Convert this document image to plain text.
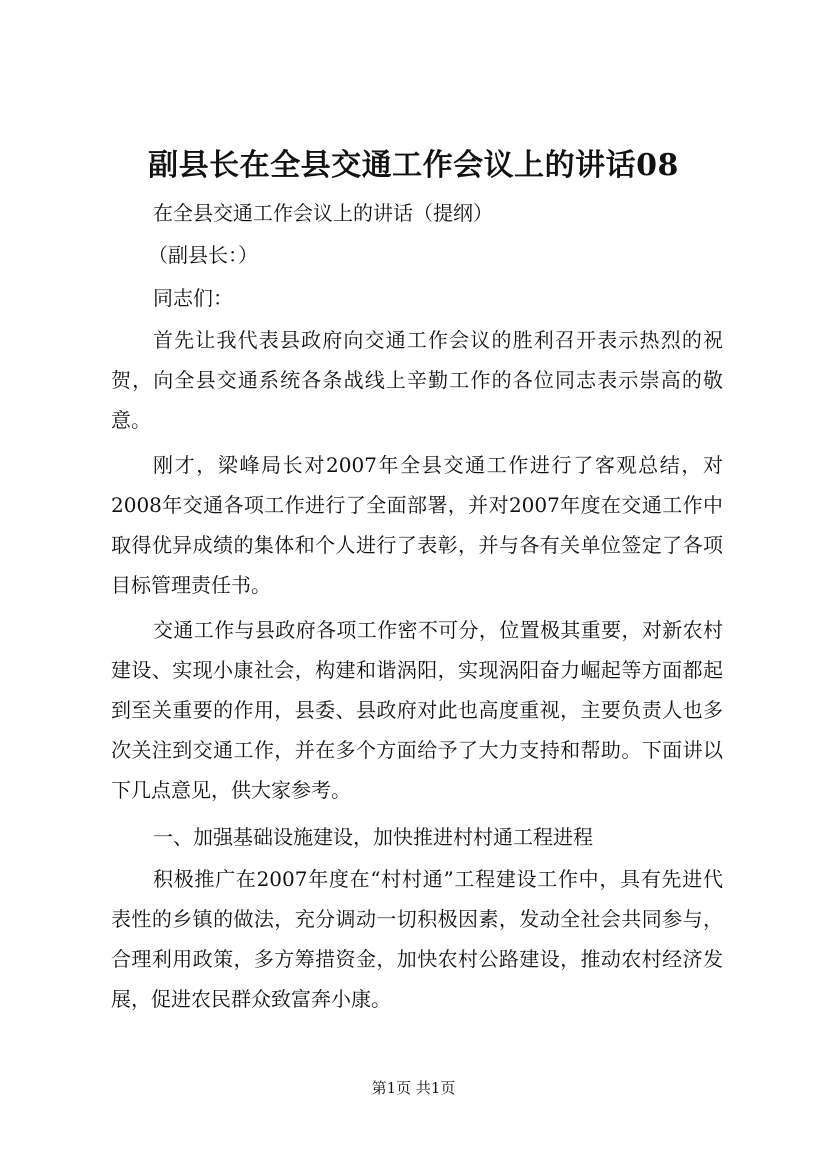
副县长在全县交通工作会议上的讲话08
在全县交通工作会议上的讲话（提纲）
（副县长：）
同志们：

首先让我代表县政府向交通工作会议的胜利召开表示热烈的祝贺，向全县交通系统各条战线上辛勤工作的各位同志表示崇高的敬意。

刚才，梁峰局长对2007年全县交通工作进行了客观总结，对2008年交通各项工作进行了全面部署，并对2007年度在交通工作中取得优异成绩的集体和个人进行了表彰，并与各有关单位签定了各项目标管理责任书。

交通工作与县政府各项工作密不可分，位置极其重要，对新农村建设、实现小康社会，构建和谐涡阳，实现涡阳奋力崛起等方面都起到至关重要的作用，县委、县政府对此也高度重视，主要负责人也多次关注到交通工作，并在多个方面给予了大力支持和帮助。下面讲以下几点意见，供大家参考。

一、加强基础设施建设，加快推进村村通工程进程

积极推广在2007年度在“村村通”工程建设工作中，具有先进代表性的乡镇的做法，充分调动一切积极因素，发动全社会共同参与，合理利用政策，多方筹措资金，加快农村公路建设，推动农村经济发展，促进农民群众致富奔小康。

第1页 共1页
